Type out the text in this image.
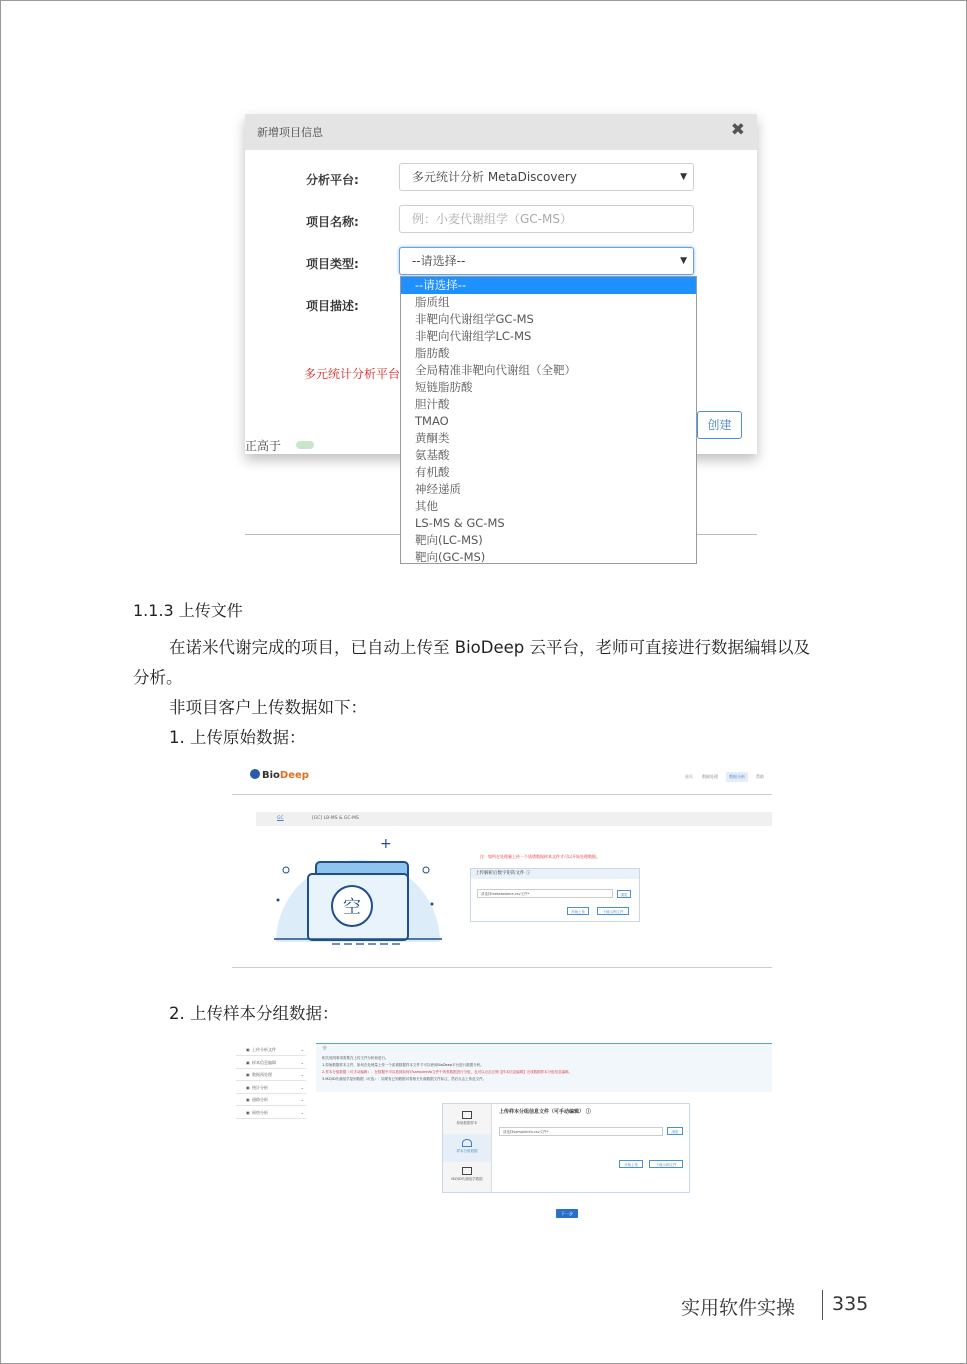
新增项目信息	✖
分析平台:	多元统计分析 MetaDiscovery	▼
项目名称:	例：小麦代谢组学（GC-MS）
项目类型:	--请选择--	▼
项目描述:
多元统计分析平台
创建
正高于
--请选择--
脂质组
非靶向代谢组学GC-MS
非靶向代谢组学LC-MS
脂肪酸
全局精准非靶向代谢组（全靶）
短链脂肪酸
胆汁酸
TMAO
黄酮类
氨基酸
有机酸
神经递质
其他
LS-MS & GC-MS
靶向(LC-MS)
靶向(GC-MS)
1.1.3 上传文件
在诺米代谢完成的项目，已自动上传至 BioDeep 云平台，老师可直接进行数据编辑以及
分析。
非项目客户上传数据如下：
1. 上传原始数据：
2. 上传样本分组数据：
BioDeep	首页 数据处理	数据分析	帮助
GC	[GC] LB-MS & GC-MS
空
+
注：如所在处理量上传一个质谱数据样本文件才可以开始处理数据。
上传解析后数字矩阵文件 ⓘ
请选择metabolome.csv文件*	浏览
开始上传	下载示例文件
▣ 上传分析文件	⌄
▣ 样本信息编辑	⌄
▣ 数据预处理	⌄
▣ 统计分析	⌄
▣ 通路分析	⌄
▣ 网络分析	⌄
☼
相关说明事项需要在上传文件分析前进行。
1.原始数据样本文件，如何在处理量上传一个质谱数据样本文件才可以使用BioDeep平台进行数据分析。
2.样本分组数据（可手动编辑）：在数据中可以看到如何对sampleinfo文件中所需数据进行分组，也可以点击左侧【样本信息编辑】完成数据样本分组信息编辑。
3.MZ/ID代谢组学鉴别数据（可选）：如果有已知数据可将相关代谢数据文件标注，然后点击上传此文件。
原始数据样本
样本分组数据
MZ/ID代谢组学数据
上传样本分组信息文件（可手动编辑） ⓘ
请选择sampleinfo.csv文件*	浏览
开始上传	下载示例文件
下一步
实用软件实操 335
